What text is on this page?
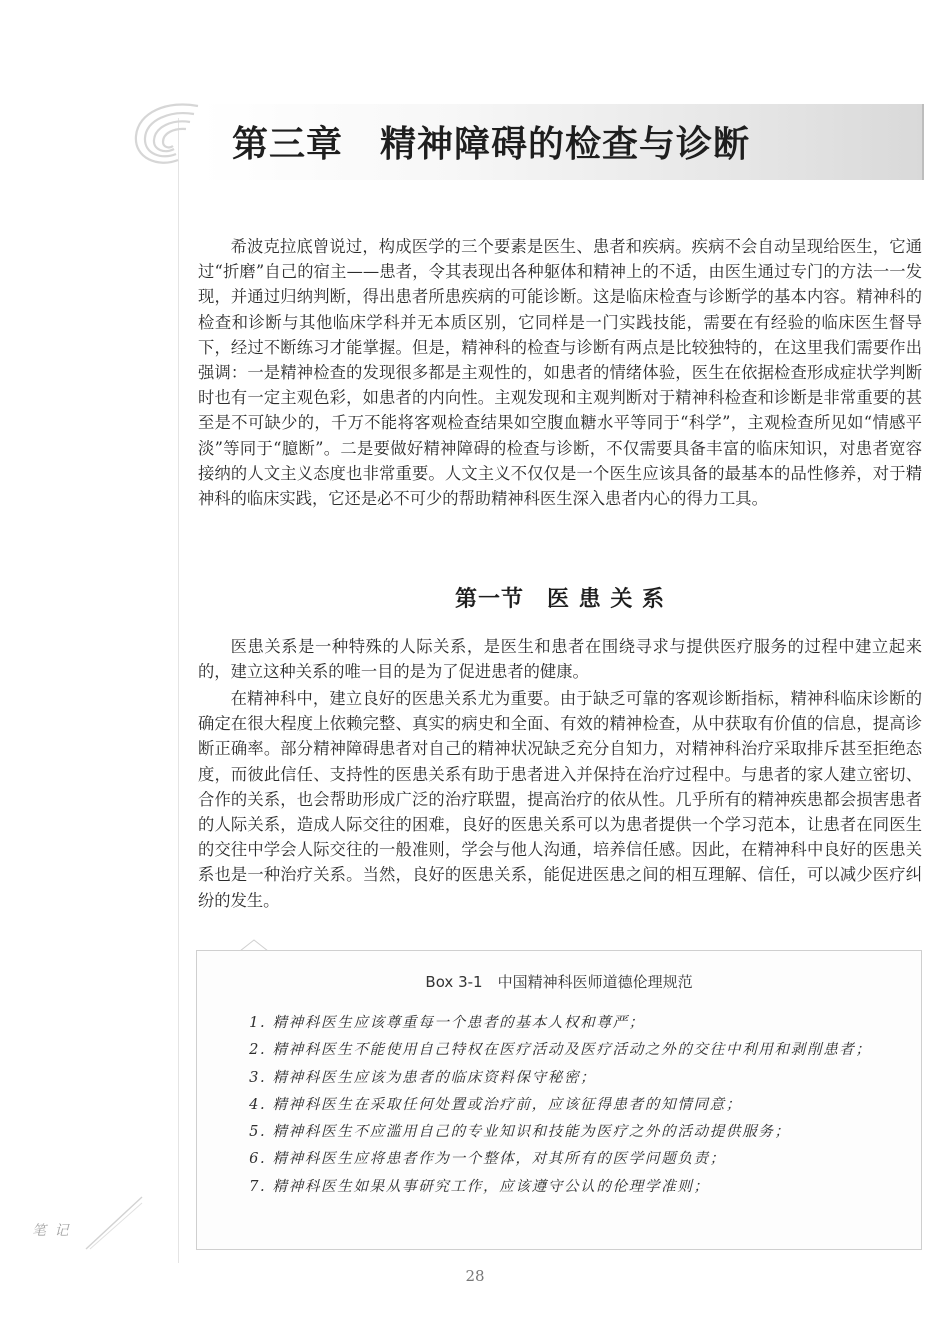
第三章　精神障碍的检查与诊断

希波克拉底曾说过，构成医学的三个要素是医生、患者和疾病。疾病不会自动呈现给医生，它通过“折磨”自己的宿主——患者，令其表现出各种躯体和精神上的不适，由医生通过专门的方法一一发现，并通过归纳判断，得出患者所患疾病的可能诊断。这是临床检查与诊断学的基本内容。精神科的检查和诊断与其他临床学科并无本质区别，它同样是一门实践技能，需要在有经验的临床医生督导下，经过不断练习才能掌握。但是，精神科的检查与诊断有两点是比较独特的，在这里我们需要作出强调：一是精神检查的发现很多都是主观性的，如患者的情绪体验，医生在依据检查形成症状学判断时也有一定主观色彩，如患者的内向性。主观发现和主观判断对于精神科检查和诊断是非常重要的甚至是不可缺少的，千万不能将客观检查结果如空腹血糖水平等同于“科学”，主观检查所见如“情感平淡”等同于“臆断”。二是要做好精神障碍的检查与诊断，不仅需要具备丰富的临床知识，对患者宽容接纳的人文主义态度也非常重要。人文主义不仅仅是一个医生应该具备的最基本的品性修养，对于精神科的临床实践，它还是必不可少的帮助精神科医生深入患者内心的得力工具。

第一节　医 患 关 系

医患关系是一种特殊的人际关系，是医生和患者在围绕寻求与提供医疗服务的过程中建立起来的，建立这种关系的唯一目的是为了促进患者的健康。

在精神科中，建立良好的医患关系尤为重要。由于缺乏可靠的客观诊断指标，精神科临床诊断的确定在很大程度上依赖完整、真实的病史和全面、有效的精神检查，从中获取有价值的信息，提高诊断正确率。部分精神障碍患者对自己的精神状况缺乏充分自知力，对精神科治疗采取排斥甚至拒绝态度，而彼此信任、支持性的医患关系有助于患者进入并保持在治疗过程中。与患者的家人建立密切、合作的关系，也会帮助形成广泛的治疗联盟，提高治疗的依从性。几乎所有的精神疾患都会损害患者的人际关系，造成人际交往的困难，良好的医患关系可以为患者提供一个学习范本，让患者在同医生的交往中学会人际交往的一般准则，学会与他人沟通，培养信任感。因此，在精神科中良好的医患关系也是一种治疗关系。当然，良好的医患关系，能促进医患之间的相互理解、信任，可以减少医疗纠纷的发生。

Box 3-1　中国精神科医师道德伦理规范
1. 精神科医生应该尊重每一个患者的基本人权和尊严；
2. 精神科医生不能使用自己特权在医疗活动及医疗活动之外的交往中利用和剥削患者；
3. 精神科医生应该为患者的临床资料保守秘密；
4. 精神科医生在采取任何处置或治疗前，应该征得患者的知情同意；
5. 精神科医生不应滥用自己的专业知识和技能为医疗之外的活动提供服务；
6. 精神科医生应将患者作为一个整体，对其所有的医学问题负责；
7. 精神科医生如果从事研究工作，应该遵守公认的伦理学准则；
笔 记
28
